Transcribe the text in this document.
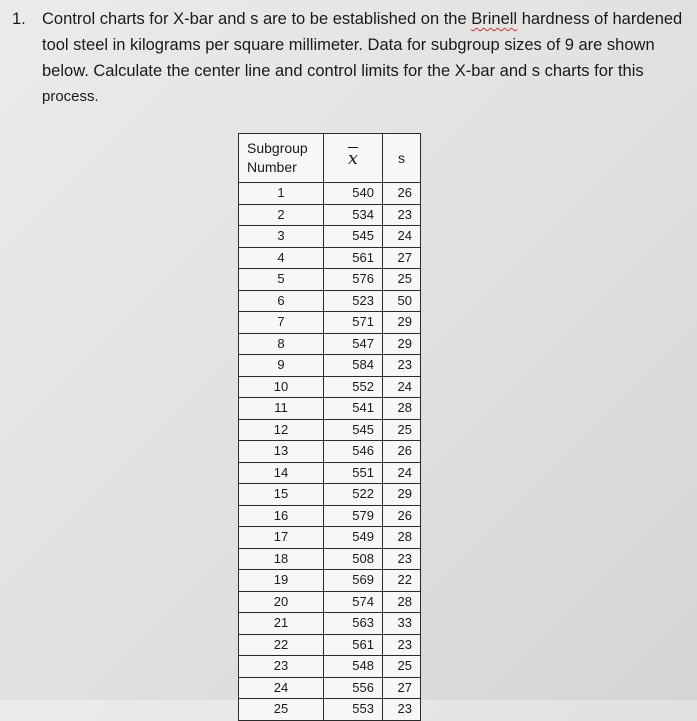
1. Control charts for X-bar and s are to be established on the Brinell hardness of hardened
tool steel in kilograms per square millimeter. Data for subgroup sizes of 9 are shown
below. Calculate the center line and control limits for the X-bar and s charts for this
process.
Subgroup Number	$\overline{x}$	s
1	540	26
2	534	23
3	545	24
4	561	27
5	576	25
6	523	50
7	571	29
8	547	29
9	584	23
10	552	24
11	541	28
12	545	25
13	546	26
14	551	24
15	522	29
16	579	26
17	549	28
18	508	23
19	569	22
20	574	28
21	563	33
22	561	23
23	548	25
24	556	27
25	553	23
